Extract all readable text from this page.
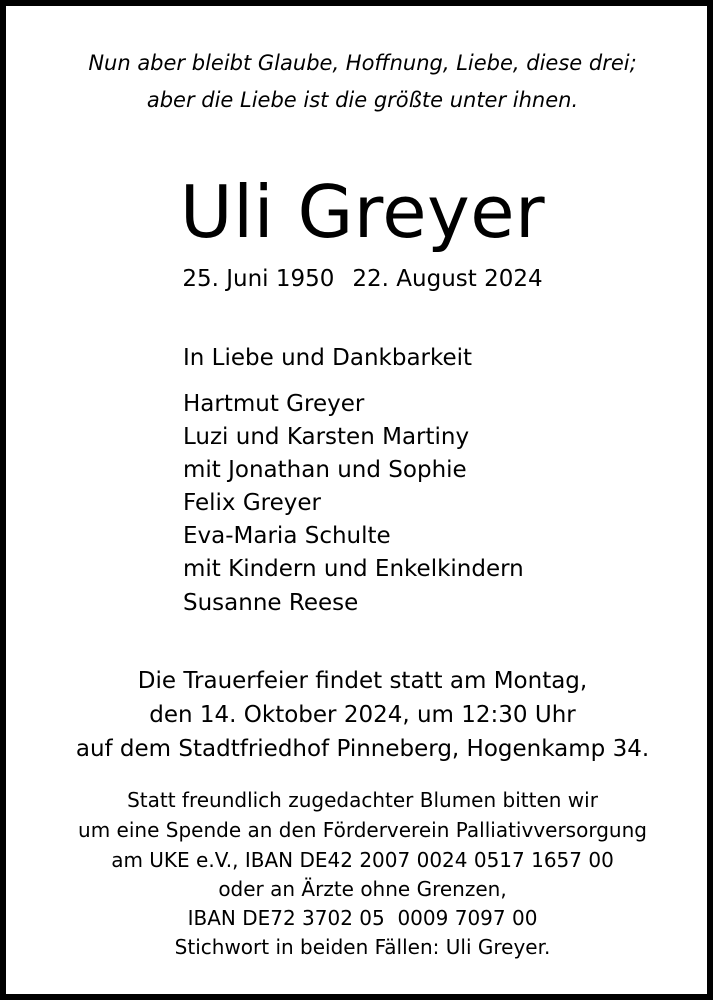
Nun aber bleibt Glaube, Hoffnung, Liebe, diese drei;
aber die Liebe ist die größte unter ihnen.
Uli Greyer
25. Juni 1950 22. August 2024
In Liebe und Dankbarkeit
Hartmut Greyer
Luzi und Karsten Martiny
mit Jonathan und Sophie
Felix Greyer
Eva-Maria Schulte
mit Kindern und Enkelkindern
Susanne Reese
Die Trauerfeier findet statt am Montag,
den 14. Oktober 2024, um 12:30 Uhr
auf dem Stadtfriedhof Pinneberg, Hogenkamp 34.
Statt freundlich zugedachter Blumen bitten wir
um eine Spende an den Förderverein Palliativversorgung
am UKE e.V., IBAN DE42 2007 0024 0517 1657 00
oder an Ärzte ohne Grenzen,
IBAN DE72 3702 05  0009 7097 00
Stichwort in beiden Fällen: Uli Greyer.
